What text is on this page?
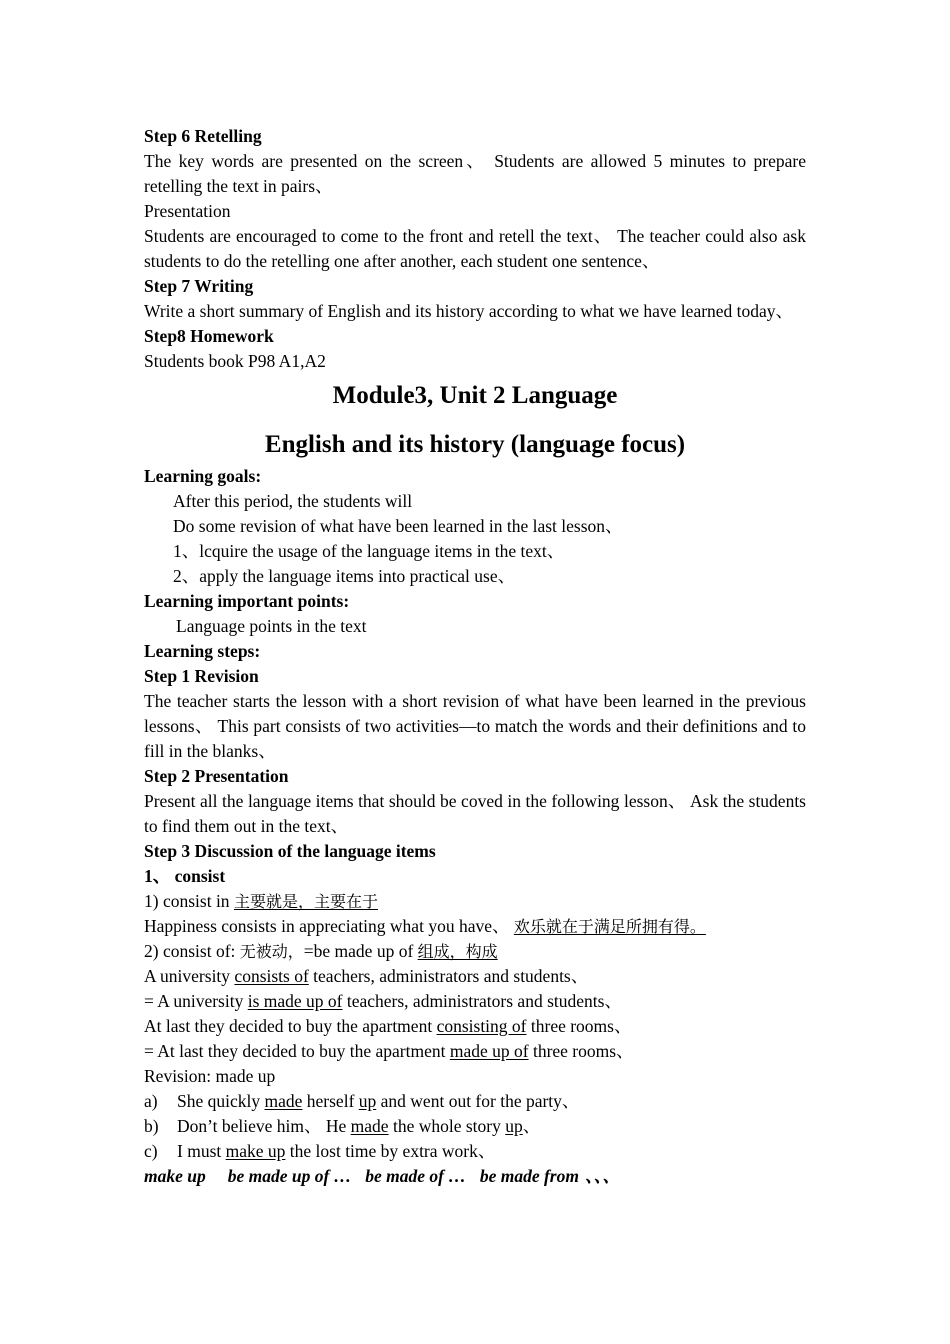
Step 6 Retelling
The key words are presented on the screen、 Students are allowed 5 minutes to prepare retelling the text in pairs、
Presentation
Students are encouraged to come to the front and retell the text、 The teacher could also ask students to do the retelling one after another, each student one sentence、
Step 7 Writing
Write a short summary of English and its history according to what we have learned today、
Step8 Homework
Students book P98 A1,A2
Module3, Unit 2 Language
English and its history (language focus)
Learning goals:
After this period, the students will
Do some revision of what have been learned in the last lesson、
1、lcquire the usage of the language items in the text、
2、apply the language items into practical use、
Learning important points:
Language points in the text
Learning steps:
Step 1 Revision
The teacher starts the lesson with a short revision of what have been learned in the previous lessons、 This part consists of two activities—to match the words and their definitions and to fill in the blanks、
Step 2 Presentation
Present all the language items that should be coved in the following lesson、 Ask the students to find them out in the text、
Step 3 Discussion of the language items
1、 consist
1) consist in 主要就是，主要在于
Happiness consists in appreciating what you have、 欢乐就在于满足所拥有得。
2) consist of: 无被动，=be made up of 组成，构成
A university consists of teachers, administrators and students、
= A university is made up of teachers, administrators and students、
At last they decided to buy the apartment consisting of three rooms、
= At last they decided to buy the apartment made up of three rooms、
Revision: made up
a)	She quickly made herself up and went out for the party、
b)	Don’t believe him、 He made the whole story up、
c)	I must make up the lost time by extra work、
make up be made up of … be made of … be made from 、、、
